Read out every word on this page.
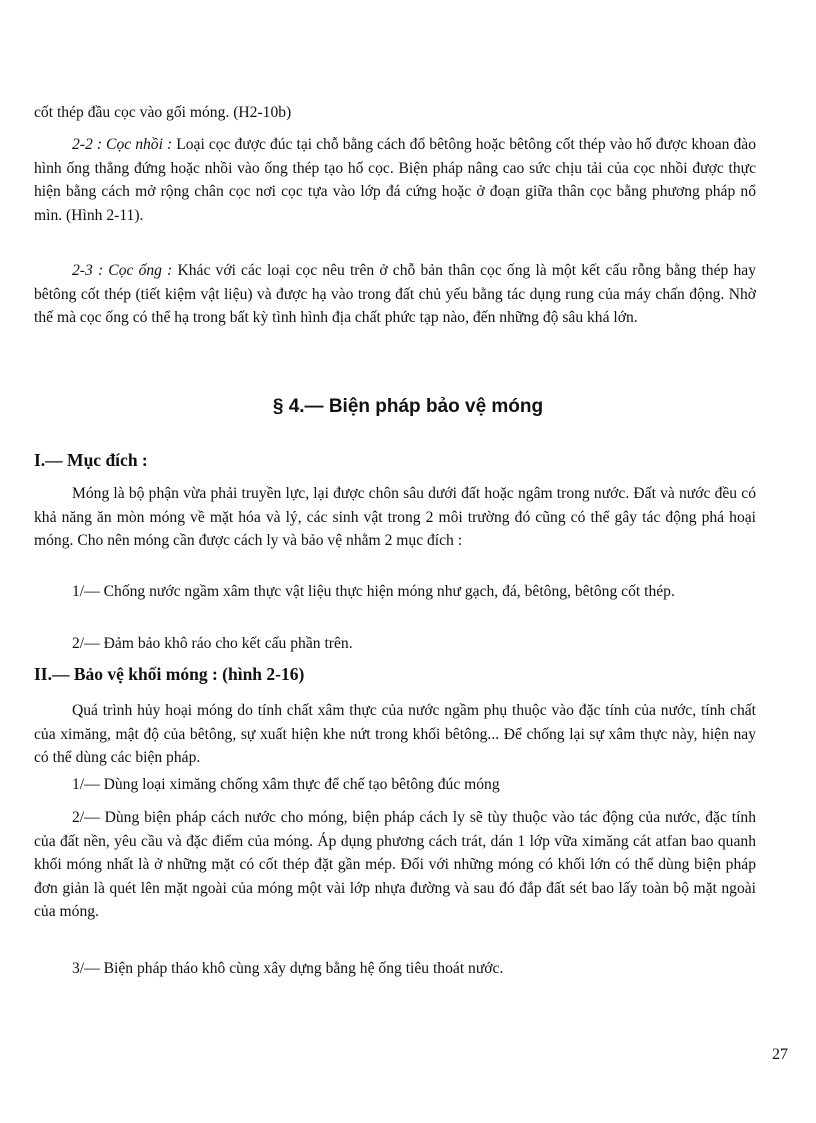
cốt thép đầu cọc vào gối móng. (H2-10b)
2-2 : Cọc nhồi : Loại cọc được đúc tại chỗ bằng cách đổ bêtông hoặc bêtông cốt thép vào hố được khoan đào hình ống thẳng đứng hoặc nhồi vào ống thép tạo hố cọc. Biện pháp nâng cao sức chịu tải của cọc nhồi được thực hiện bằng cách mở rộng chân cọc nơi cọc tựa vào lớp đá cứng hoặc ở đoạn giữa thân cọc bằng phương pháp nổ mìn. (Hình 2-11).
2-3 : Cọc ống : Khác với các loại cọc nêu trên ở chỗ bản thân cọc ống là một kết cấu rỗng bằng thép hay bêtông cốt thép (tiết kiệm vật liệu) và được hạ vào trong đất chủ yếu bằng tác dụng rung của máy chấn động. Nhờ thế mà cọc ống có thể hạ trong bất kỳ tình hình địa chất phức tạp nào, đến những độ sâu khá lớn.
§ 4.— Biện pháp bảo vệ móng
I.— Mục đích :
Móng là bộ phận vừa phải truyền lực, lại được chôn sâu dưới đất hoặc ngâm trong nước. Đất và nước đều có khả năng ăn mòn móng về mặt hóa và lý, các sinh vật trong 2 môi trường đó cũng có thể gây tác động phá hoại móng. Cho nên móng cần được cách ly và bảo vệ nhằm 2 mục đích :
1/— Chống nước ngầm xâm thực vật liệu thực hiện móng như gạch, đá, bêtông, bêtông cốt thép.
2/— Đảm bảo khô ráo cho kết cấu phần trên.
II.— Bảo vệ khối móng : (hình 2-16)
Quá trình hủy hoại móng do tính chất xâm thực của nước ngầm phụ thuộc vào đặc tính của nước, tính chất của ximăng, mật độ của bêtông, sự xuất hiện khe nứt trong khối bêtông... Để chống lại sự xâm thực này, hiện nay có thể dùng các biện pháp.
1/— Dùng loại ximăng chống xâm thực để chế tạo bêtông đúc móng
2/— Dùng biện pháp cách nước cho móng, biện pháp cách ly sẽ tùy thuộc vào tác động của nước, đặc tính của đất nền, yêu cầu và đặc điểm của móng. Áp dụng phương cách trát, dán 1 lớp vữa ximăng cát atfan bao quanh khối móng nhất là ở những mặt có cốt thép đặt gần mép. Đối với những móng có khối lớn có thể dùng biện pháp đơn giản là quét lên mặt ngoài của móng một vài lớp nhựa đường và sau đó đắp đất sét bao lấy toàn bộ mặt ngoài của móng.
3/— Biện pháp tháo khô cùng xây dựng bằng hệ ống tiêu thoát nước.
27
